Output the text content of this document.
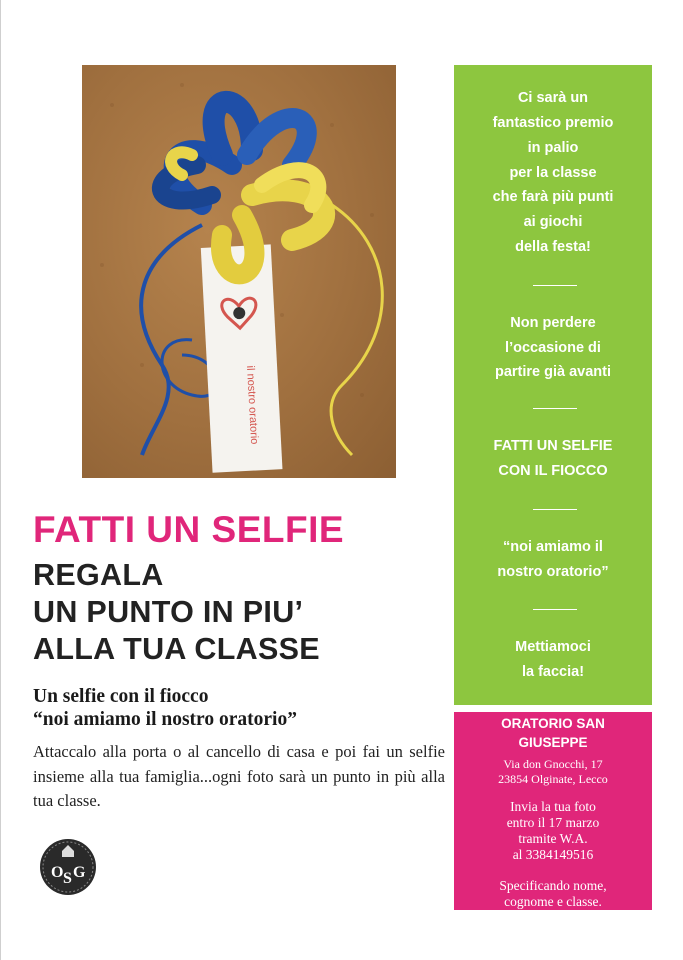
il nostro oratorio
amo
FATTI UN SELFIE
REGALA
UN PUNTO IN PIU’
ALLA TUA CLASSE
Un selfie con il fiocco
“noi amiamo il nostro oratorio”
Attaccalo alla porta o al cancello di casa e poi fai un selfie insieme alla tua famiglia...ogni foto sarà un punto in più alla tua classe.
O S G
Ci sarà un
fantastico premio
in palio
per la classe
che farà più punti
ai giochi
della festa!
Non perdere
l’occasione di
partire già avanti
FATTI UN SELFIE
CON IL FIOCCO
“noi amiamo il
nostro oratorio”
Mettiamoci
la faccia!
ORATORIO SAN
GIUSEPPE
Via don Gnocchi, 17
23854 Olginate, Lecco
Invia la tua foto
entro il 17 marzo
tramite W.A.
al 3384149516
Specificando nome,
cognome e classe.
